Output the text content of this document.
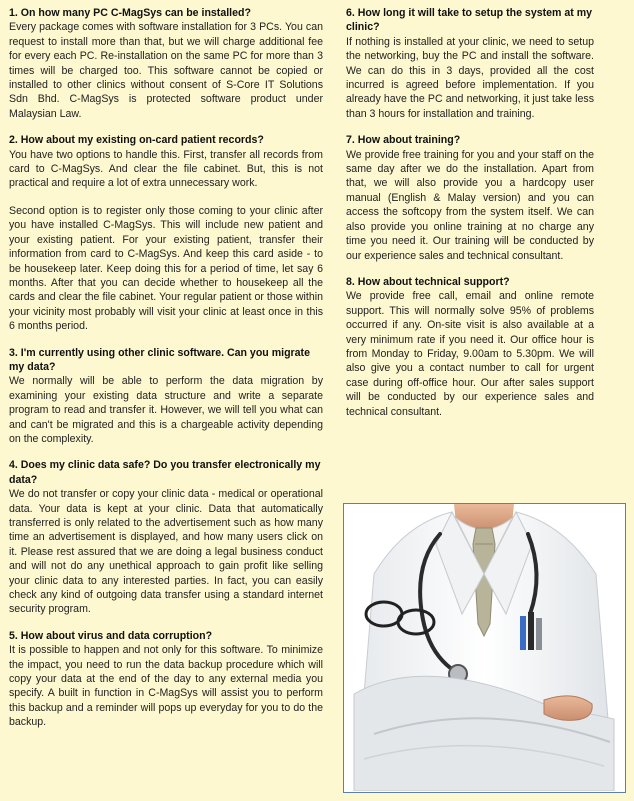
1. On how many PC C-MagSys can be installed?

Every package comes with software installation for 3 PCs. You can request to install more than that, but we will charge additional fee for every each PC. Re-installation on the same PC for more than 3 times will be charged too. This software cannot be copied or installed to other clinics without consent of S-Core IT Solutions Sdn Bhd. C-MagSys is protected software product under Malaysian Law.

2. How about my existing on-card patient records?

You have two options to handle this. First, transfer all records from card to C-MagSys. And clear the file cabinet. But, this is not practical and require a lot of extra unnecessary work.

Second option is to register only those coming to your clinic after you have installed C-MagSys. This will include new patient and your existing patient. For your existing patient, transfer their information from card to C-MagSys. And keep this card aside - to be housekeep later. Keep doing this for a period of time, let say 6 months. After that you can decide whether to housekeep all the cards and clear the file cabinet. Your regular patient or those within your vicinity most probably will visit your clinic at least once in this 6 months period.

3. I'm currently using other clinic software. Can you migrate my data?

We normally will be able to perform the data migration by examining your existing data structure and write a separate program to read and transfer it. However, we will tell you what can and can't be migrated and this is a chargeable activity depending on the complexity.

4. Does my clinic data safe? Do you transfer electronically my data?

We do not transfer or copy your clinic data - medical or operational data. Your data is kept at your clinic. Data that automatically transferred is only related to the advertisement such as how many time an advertisement is displayed, and how many users click on it. Please rest assured that we are doing a legal business conduct and will not do any unethical approach to gain profit like selling your clinic data to any interested parties. In fact, you can easily check any kind of outgoing data transfer using a standard internet security program.

5. How about virus and data corruption?

It is possible to happen and not only for this software. To minimize the impact, you need to run the data backup procedure which will copy your data at the end of the day to any external media you specify. A built in function in C-MagSys will assist you to perform this backup and a reminder will pops up everyday for you to do the backup.

6. How long it will take to setup the system at my clinic?

If nothing is installed at your clinic, we need to setup the networking, buy the PC and install the software. We can do this in 3 days, provided all the cost incurred is agreed before implementation. If you already have the PC and networking, it just take less than 3 hours for installation and training.

7. How about training?

We provide free training for you and your staff on the same day after we do the installation. Apart from that, we will also provide you a hardcopy user manual (English & Malay version) and you can access the softcopy from the system itself. We can also provide you online training at no charge any time you need it. Our training will be conducted by our experience sales and technical consultant.

8. How about technical support?

We provide free call, email and online remote support. This will normally solve 95% of problems occurred if any. On-site visit is also available at a very minimum rate if you need it. Our office hour is from Monday to Friday, 9.00am to 5.30pm. We will also give you a contact number to call for urgent case during off-office hour. Our after sales support will be conducted by our experience sales and technical consultant.
